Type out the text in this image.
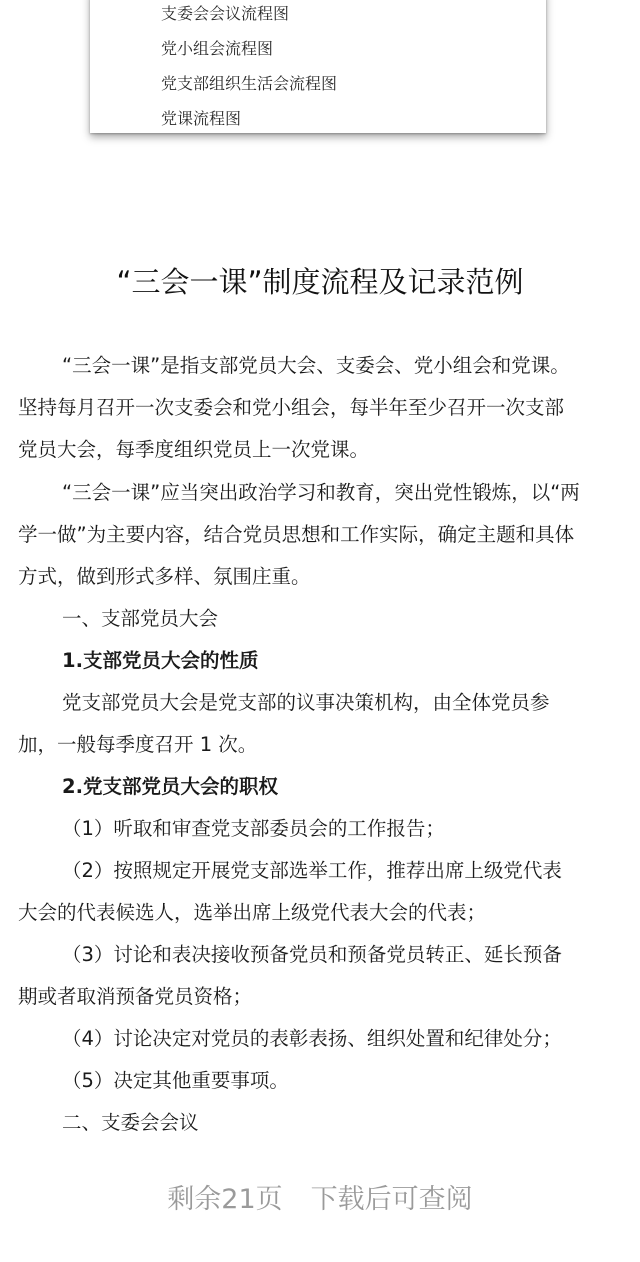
支委会会议流程图
党小组会流程图
党支部组织生活会流程图
党课流程图
“三会一课”制度流程及记录范例
“三会一课”是指支部党员大会、支委会、党小组会和党课。
坚持每月召开一次支委会和党小组会，每半年至少召开一次支部
党员大会，每季度组织党员上一次党课。
“三会一课”应当突出政治学习和教育，突出党性锻炼，以“两
学一做”为主要内容，结合党员思想和工作实际，确定主题和具体
方式，做到形式多样、氛围庄重。
一、支部党员大会
1.支部党员大会的性质
党支部党员大会是党支部的议事决策机构，由全体党员参
加，一般每季度召开 1 次。
2.党支部党员大会的职权
（1）听取和审查党支部委员会的工作报告；
（2）按照规定开展党支部选举工作，推荐出席上级党代表
大会的代表候选人，选举出席上级党代表大会的代表；
（3）讨论和表决接收预备党员和预备党员转正、延长预备
期或者取消预备党员资格；
（4）讨论决定对党员的表彰表扬、组织处置和纪律处分；
（5）决定其他重要事项。
二、支委会会议
剩余21页 下载后可查阅
